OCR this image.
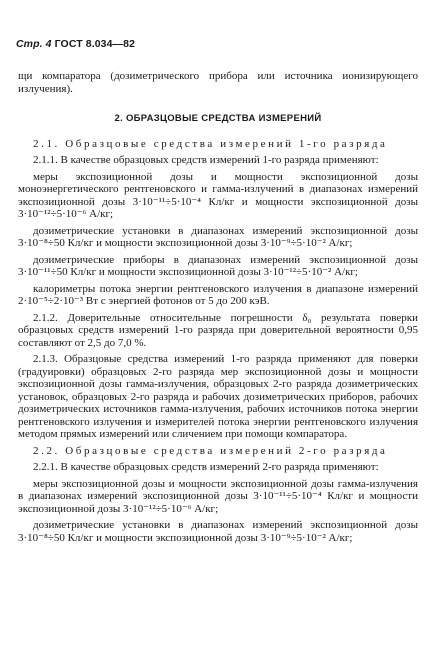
Стр. 4 ГОСТ 8.034—82

щи компаратора (дозиметрического прибора или источника ионизирующего излучения).

2. ОБРАЗЦОВЫЕ СРЕДСТВА ИЗМЕРЕНИЙ

2.1. Образцовые средства измерений 1-го разряда

2.1.1. В качестве образцовых средств измерений 1-го разряда применяют:

меры экспозиционной дозы и мощности экспозиционной дозы моноэнергетического рентгеновского и гамма-излучений в диапазонах измерений экспозиционной дозы 3·10⁻¹¹÷5·10⁻⁴ Кл/кг и мощности экспозиционной дозы 3·10⁻¹²÷5·10⁻⁶ А/кг;

дозиметрические установки в диапазонах измерений экспозиционной дозы 3·10⁻⁸÷50 Кл/кг и мощности экспозиционной дозы 3·10⁻⁹÷5·10⁻² А/кг;

дозиметрические приборы в диапазонах измерений экспозиционной дозы 3·10⁻¹¹÷50 Кл/кг и мощности экспозиционной дозы 3·10⁻¹²÷5·10⁻² А/кг;

калориметры потока энергии рентгеновского излучения в диапазоне измерений 2·10⁻⁵÷2·10⁻³ Вт с энергией фотонов от 5 до 200 кэВ.

2.1.2. Доверительные относительные погрешности δ₀ результата поверки образцовых средств измерений 1-го разряда при доверительной вероятности 0,95 составляют от 2,5 до 7,0 %.

2.1.3. Образцовые средства измерений 1-го разряда применяют для поверки (градуировки) образцовых 2-го разряда мер экспозиционной дозы и мощности экспозиционной дозы гамма-излучения, образцовых 2-го разряда дозиметрических установок, образцовых 2-го разряда и рабочих дозиметрических приборов, рабочих дозиметрических источников гамма-излучения, рабочих источников потока энергии рентгеновского излучения и измерителей потока энергии рентгеновского излучения методом прямых измерений или сличением при помощи компаратора.

2.2. Образцовые средства измерений 2-го разряда

2.2.1. В качестве образцовых средств измерений 2-го разряда применяют:

меры экспозиционной дозы и мощности экспозиционной дозы гамма-излучения в диапазонах измерений экспозиционной дозы 3·10⁻¹¹÷5·10⁻⁴ Кл/кг и мощности экспозиционной дозы 3·10⁻¹²÷5·10⁻⁶ А/кг;

дозиметрические установки в диапазонах измерений экспозиционной дозы 3·10⁻⁸÷50 Кл/кг и мощности экспозиционной дозы 3·10⁻⁹÷5·10⁻² А/кг;
